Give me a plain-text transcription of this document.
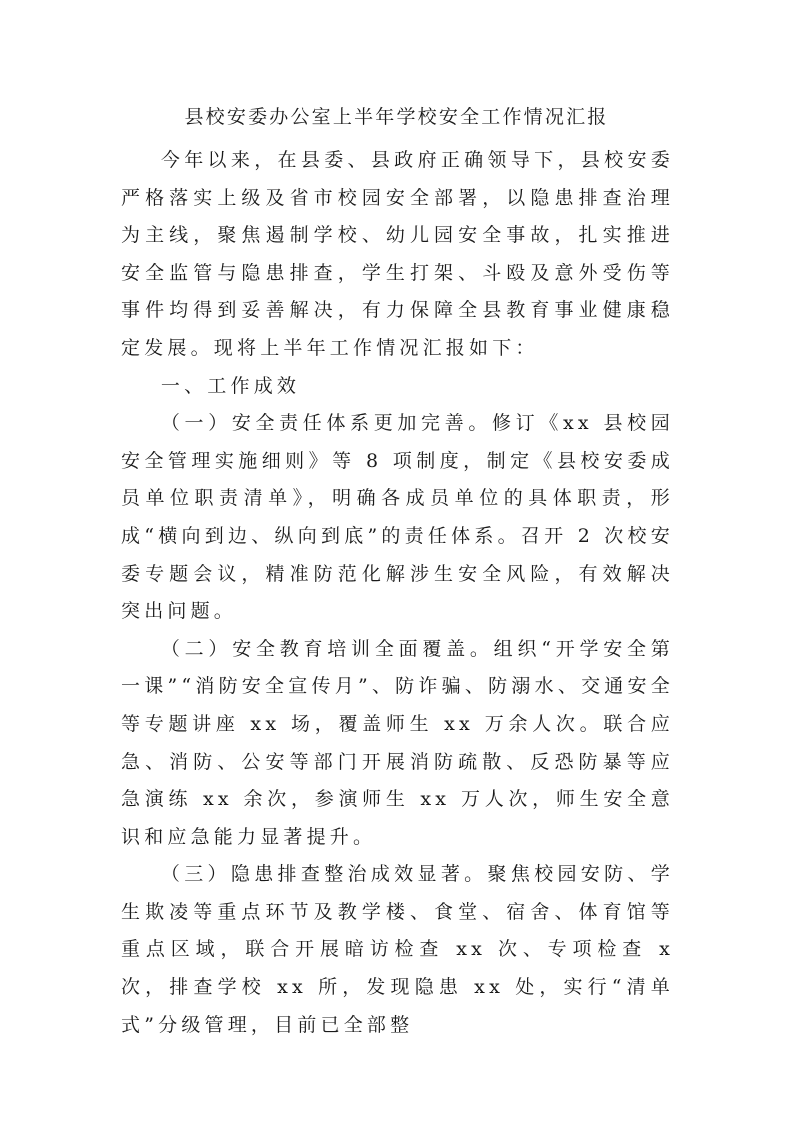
县校安委办公室上半年学校安全工作情况汇报

今年以来，在县委、县政府正确领导下，县校安委严格落实上级及省市校园安全部署，以隐患排查治理为主线，聚焦遏制学校、幼儿园安全事故，扎实推进安全监管与隐患排查，学生打架、斗殴及意外受伤等事件均得到妥善解决，有力保障全县教育事业健康稳定发展。现将上半年工作情况汇报如下：

一、工作成效

（一）安全责任体系更加完善。修订《xx 县校园安全管理实施细则》等 8 项制度，制定《县校安委成员单位职责清单》，明确各成员单位的具体职责，形成“横向到边、纵向到底”的责任体系。召开 2 次校安委专题会议，精准防范化解涉生安全风险，有效解决突出问题。

（二）安全教育培训全面覆盖。组织“开学安全第一课”“消防安全宣传月”、防诈骗、防溺水、交通安全等专题讲座 xx 场，覆盖师生 xx 万余人次。联合应急、消防、公安等部门开展消防疏散、反恐防暴等应急演练 xx 余次，参演师生 xx 万人次，师生安全意识和应急能力显著提升。

（三）隐患排查整治成效显著。聚焦校园安防、学生欺凌等重点环节及教学楼、食堂、宿舍、体育馆等重点区域，联合开展暗访检查 xx 次、专项检查 x 次，排查学校 xx 所，发现隐患 xx 处，实行“清单式”分级管理，目前已全部整
